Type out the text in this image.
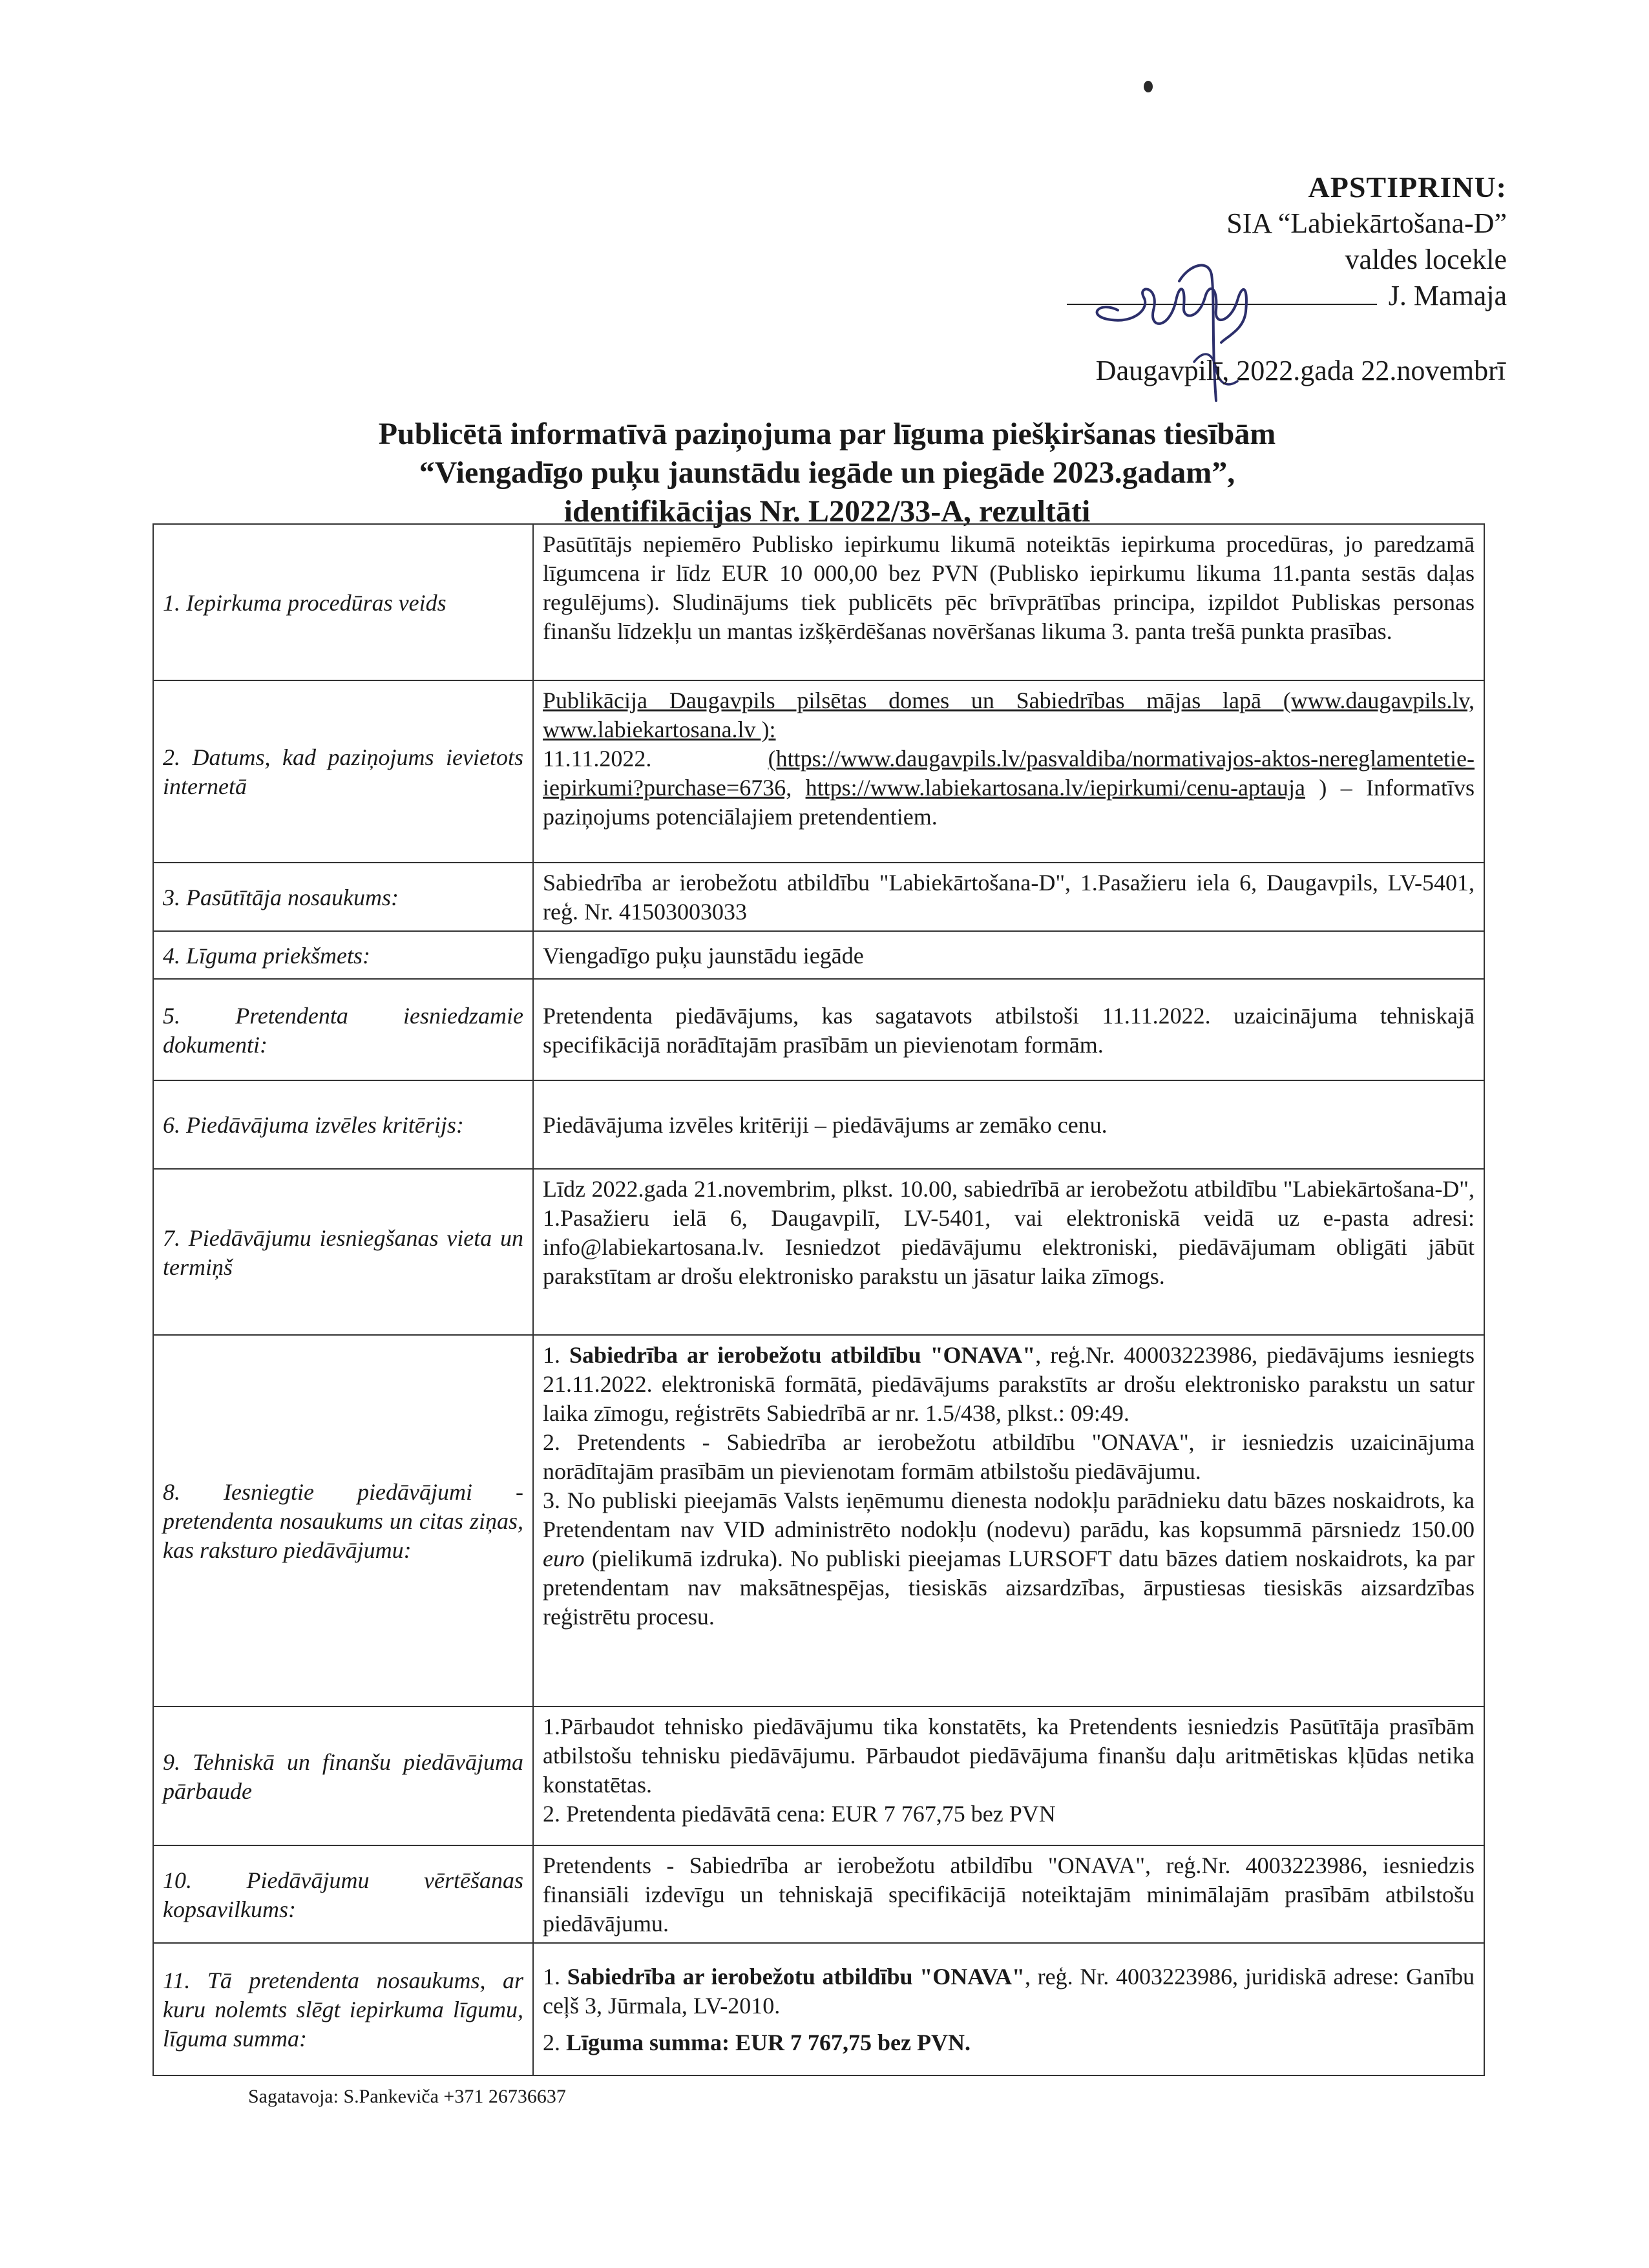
APSTIPRINU:
SIA “Labiekārtošana-D”
valdes locekle
J. Mamaja
Daugavpilī, 2022.gada 22.novembrī
Publicētā informatīvā paziņojuma par līguma piešķiršanas tiesībām
“Viengadīgo puķu jaunstādu iegāde un piegāde 2023.gadam”,
identifikācijas Nr. L2022/33-A, rezultāti
1. Iepirkuma procedūras veids	Pasūtītājs nepiemēro Publisko iepirkumu likumā noteiktās iepirkuma procedūras, jo paredzamā līgumcena ir līdz EUR 10 000,00 bez PVN (Publisko iepirkumu likuma 11.panta sestās daļas regulējums). Sludinājums tiek publicēts pēc brīvprātības principa, izpildot Publiskas personas finanšu līdzekļu un mantas izšķērdēšanas novēršanas likuma 3. panta trešā punkta prasības.
2. Datums, kad paziņojums ievietots internetā	Publikācija Daugavpils pilsētas domes un Sabiedrības mājas lapā (www.daugavpils.lv, www.labiekartosana.lv ):

11.11.2022. (https://www.daugavpils.lv/pasvaldiba/normativajos-aktos-nereglamentetie-iepirkumi?purchase=6736, https://www.labiekartosana.lv/iepirkumi/cenu-aptauja ) – Informatīvs paziņojums potenciālajiem pretendentiem.

3. Pasūtītāja nosaukums:	Sabiedrība ar ierobežotu atbildību "Labiekārtošana-D", 1.Pasažieru iela 6, Daugavpils, LV-5401, reģ. Nr. 41503003033
4. Līguma priekšmets:	Viengadīgo puķu jaunstādu iegāde
5. Pretendenta iesniedzamie dokumenti:	Pretendenta piedāvājums, kas sagatavots atbilstoši 11.11.2022. uzaicinājuma tehniskajā specifikācijā norādītajām prasībām un pievienotam formām.
6. Piedāvājuma izvēles kritērijs:	Piedāvājuma izvēles kritēriji – piedāvājums ar zemāko cenu.
7. Piedāvājumu iesniegšanas vieta un termiņš	Līdz 2022.gada 21.novembrim, plkst. 10.00, sabiedrībā ar ierobežotu atbildību "Labiekārtošana-D", 1.Pasažieru ielā 6, Daugavpilī, LV-5401, vai elektroniskā veidā uz e-pasta adresi: info@labiekartosana.lv. Iesniedzot piedāvājumu elektroniski, piedāvājumam obligāti jābūt parakstītam ar drošu elektronisko parakstu un jāsatur laika zīmogs.
8. Iesniegtie piedāvājumi - pretendenta nosaukums un citas ziņas, kas raksturo piedāvājumu:	1. Sabiedrība ar ierobežotu atbildību "ONAVA", reģ.Nr. 40003223986, piedāvājums iesniegts 21.11.2022. elektroniskā formātā, piedāvājums parakstīts ar drošu elektronisko parakstu un satur laika zīmogu, reģistrēts Sabiedrībā ar nr. 1.5/438, plkst.: 09:49.

2. Pretendents - Sabiedrība ar ierobežotu atbildību "ONAVA", ir iesniedzis uzaicinājuma norādītajām prasībām un pievienotam formām atbilstošu piedāvājumu.

3. No publiski pieejamās Valsts ieņēmumu dienesta nodokļu parādnieku datu bāzes noskaidrots, ka Pretendentam nav VID administrēto nodokļu (nodevu) parādu, kas kopsummā pārsniedz 150.00 euro (pielikumā izdruka). No publiski pieejamas LURSOFT datu bāzes datiem noskaidrots, ka par pretendentam nav maksātnespējas, tiesiskās aizsardzības, ārpustiesas tiesiskās aizsardzības reģistrētu procesu.

9. Tehniskā un finanšu piedāvājuma pārbaude	1.Pārbaudot tehnisko piedāvājumu tika konstatēts, ka Pretendents iesniedzis Pasūtītāja prasībām atbilstošu tehnisku piedāvājumu. Pārbaudot piedāvājuma finanšu daļu aritmētiskas kļūdas netika konstatētas.

2. Pretendenta piedāvātā cena: EUR 7 767,75 bez PVN

10. Piedāvājumu vērtēšanas kopsavilkums:	Pretendents - Sabiedrība ar ierobežotu atbildību "ONAVA", reģ.Nr. 4003223986, iesniedzis finansiāli izdevīgu un tehniskajā specifikācijā noteiktajām minimālajām prasībām atbilstošu piedāvājumu.
11. Tā pretendenta nosaukums, ar kuru nolemts slēgt iepirkuma līgumu, līguma summa:	1. Sabiedrība ar ierobežotu atbildību "ONAVA", reģ. Nr. 4003223986, juridiskā adrese: Ganību ceļš 3, Jūrmala, LV-2010.

2. Līguma summa: EUR 7 767,75 bez PVN.

Sagatavoja: S.Pankeviča +371 26736637
